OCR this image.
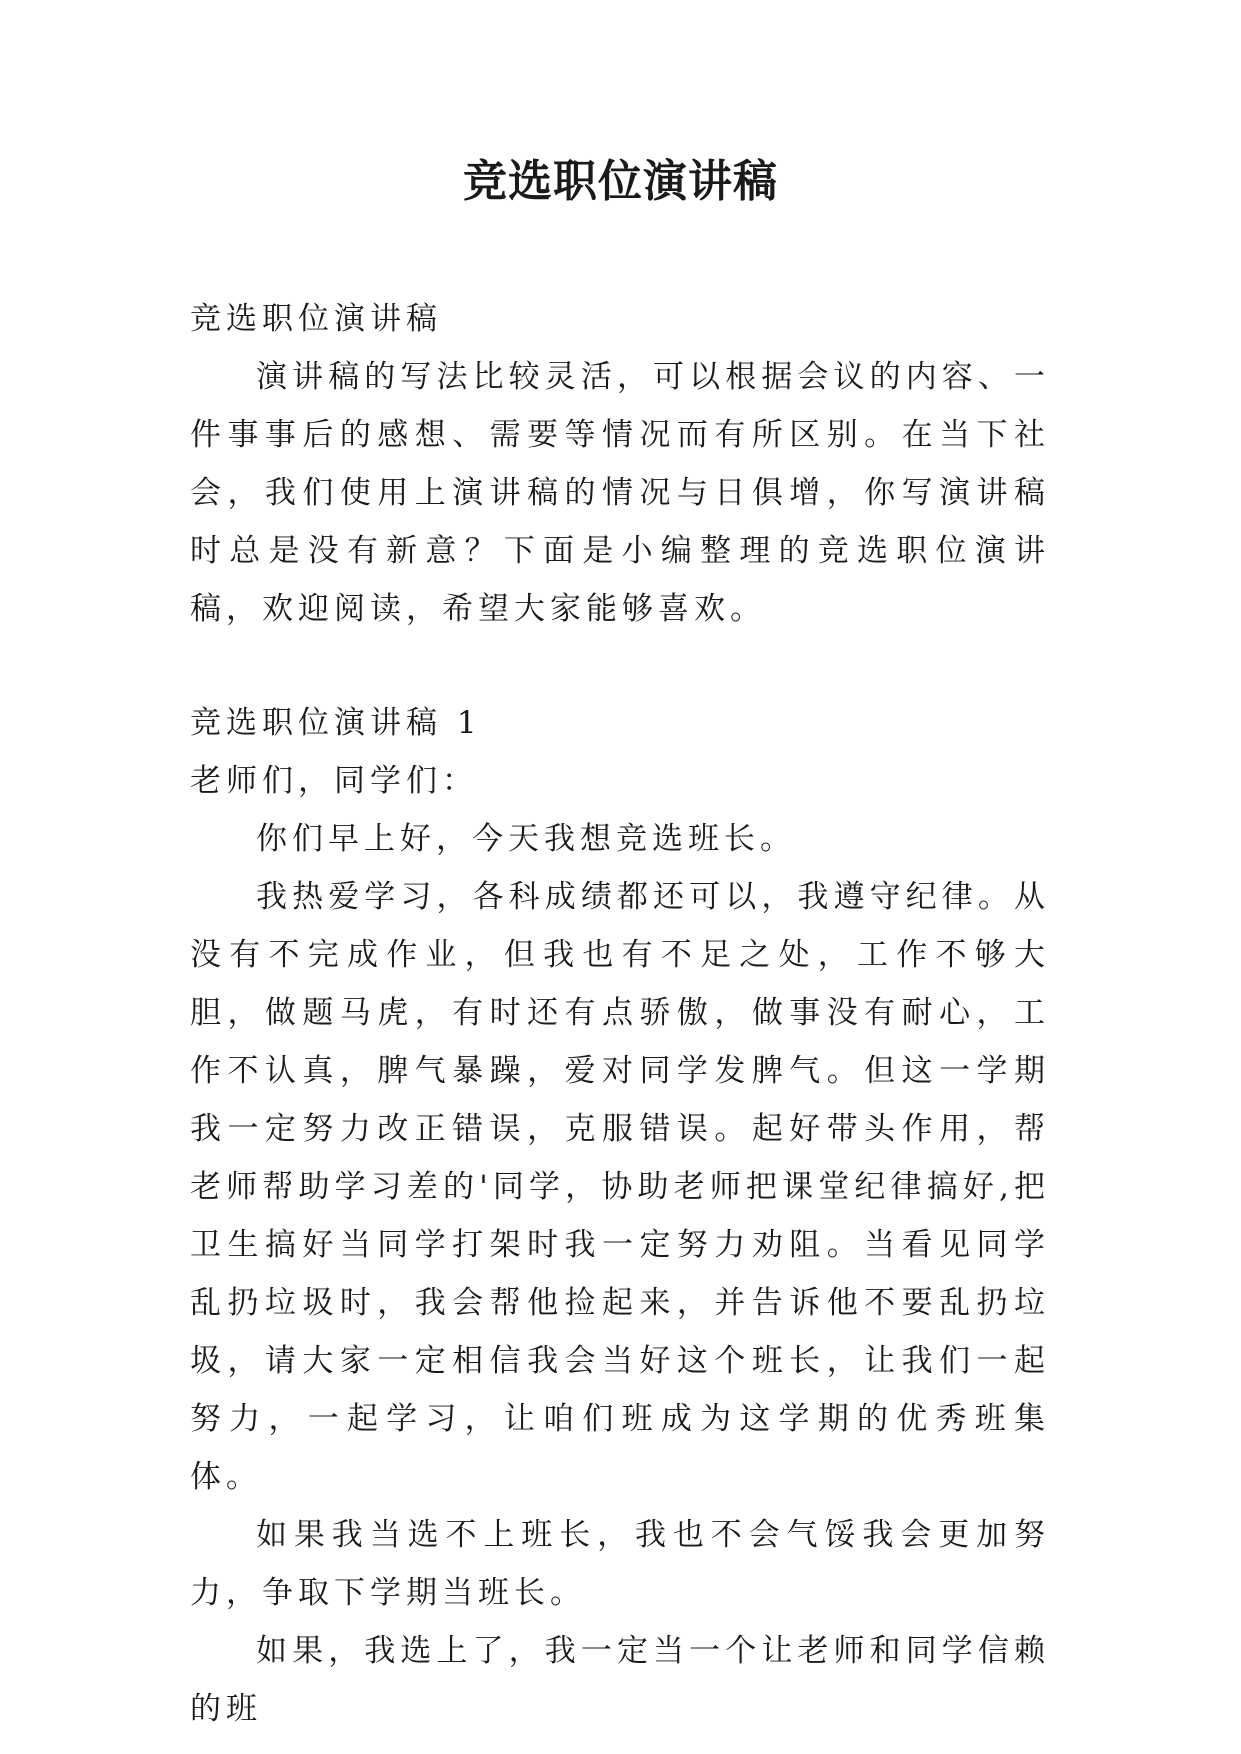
竞选职位演讲稿

竞选职位演讲稿

演讲稿的写法比较灵活，可以根据会议的内容、一件事事后的感想、需要等情况而有所区别。在当下社会，我们使用上演讲稿的情况与日俱增，你写演讲稿时总是没有新意？下面是小编整理的竞选职位演讲稿，欢迎阅读，希望大家能够喜欢。

竞选职位演讲稿 1

老师们，同学们：

你们早上好，今天我想竞选班长。

我热爱学习，各科成绩都还可以，我遵守纪律。从没有不完成作业，但我也有不足之处，工作不够大胆，做题马虎，有时还有点骄傲，做事没有耐心，工作不认真，脾气暴躁，爱对同学发脾气。但这一学期我一定努力改正错误，克服错误。起好带头作用，帮老师帮助学习差的'同学，协助老师把课堂纪律搞好,把卫生搞好当同学打架时我一定努力劝阻。当看见同学乱扔垃圾时，我会帮他捡起来，并告诉他不要乱扔垃圾，请大家一定相信我会当好这个班长，让我们一起努力，一起学习，让咱们班成为这学期的优秀班集体。

如果我当选不上班长，我也不会气馁我会更加努力，争取下学期当班长。

如果，我选上了，我一定当一个让老师和同学信赖的班
